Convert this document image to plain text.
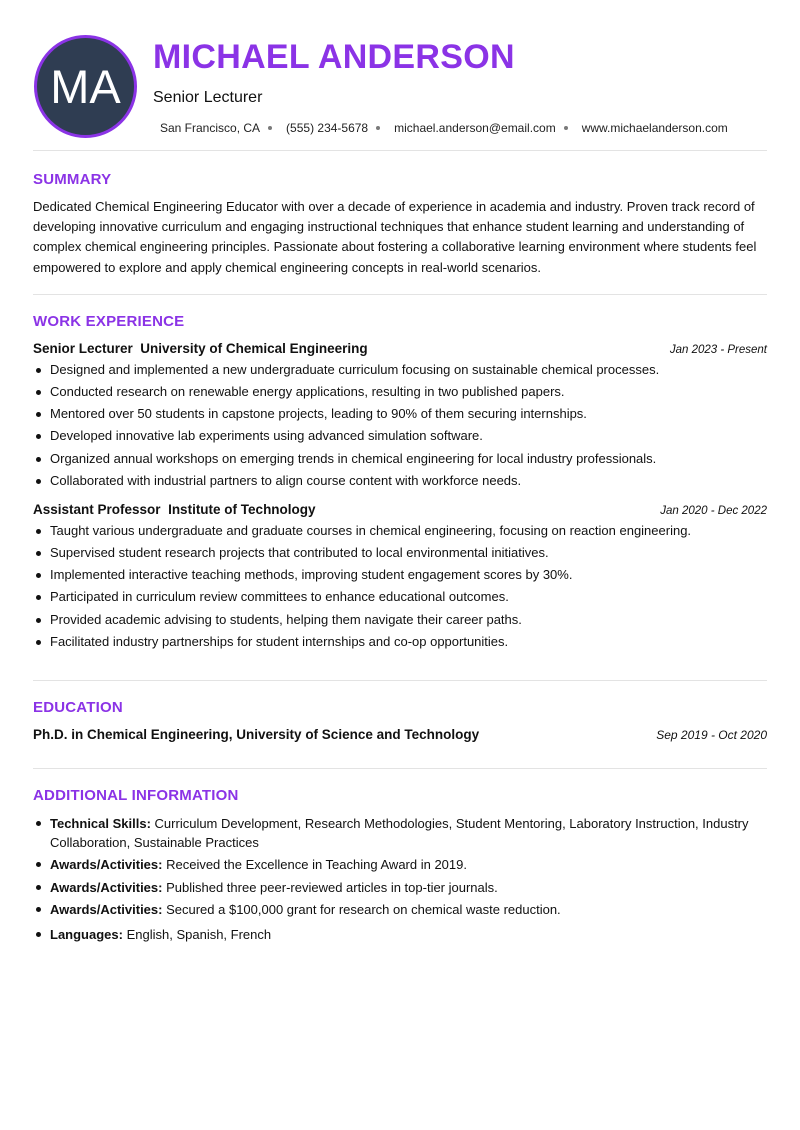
MA
MICHAEL ANDERSON
Senior Lecturer
San Francisco, CA (555) 234-5678 michael.anderson@email.com www.michaelanderson.com
SUMMARY

Dedicated Chemical Engineering Educator with over a decade of experience in academia and industry. Proven track record of developing innovative curriculum and engaging instructional techniques that enhance student learning and understanding of complex chemical engineering principles. Passionate about fostering a collaborative learning environment where students feel empowered to explore and apply chemical engineering concepts in real-world scenarios.

WORK EXPERIENCE
Senior Lecturer University of Chemical Engineering	Jan 2023 - Present
Designed and implemented a new undergraduate curriculum focusing on sustainable chemical processes.
Conducted research on renewable energy applications, resulting in two published papers.
Mentored over 50 students in capstone projects, leading to 90% of them securing internships.
Developed innovative lab experiments using advanced simulation software.
Organized annual workshops on emerging trends in chemical engineering for local industry professionals.
Collaborated with industrial partners to align course content with workforce needs.
Assistant Professor Institute of Technology	Jan 2020 - Dec 2022
Taught various undergraduate and graduate courses in chemical engineering, focusing on reaction engineering.
Supervised student research projects that contributed to local environmental initiatives.
Implemented interactive teaching methods, improving student engagement scores by 30%.
Participated in curriculum review committees to enhance educational outcomes.
Provided academic advising to students, helping them navigate their career paths.
Facilitated industry partnerships for student internships and co-op opportunities.
EDUCATION
Ph.D. in Chemical Engineering, University of Science and Technology	Sep 2019 - Oct 2020
ADDITIONAL INFORMATION
Technical Skills: Curriculum Development, Research Methodologies, Student Mentoring, Laboratory Instruction, Industry Collaboration, Sustainable Practices
Awards/Activities: Received the Excellence in Teaching Award in 2019.
Awards/Activities: Published three peer-reviewed articles in top-tier journals.
Awards/Activities: Secured a $100,000 grant for research on chemical waste reduction.
Languages: English, Spanish, French
